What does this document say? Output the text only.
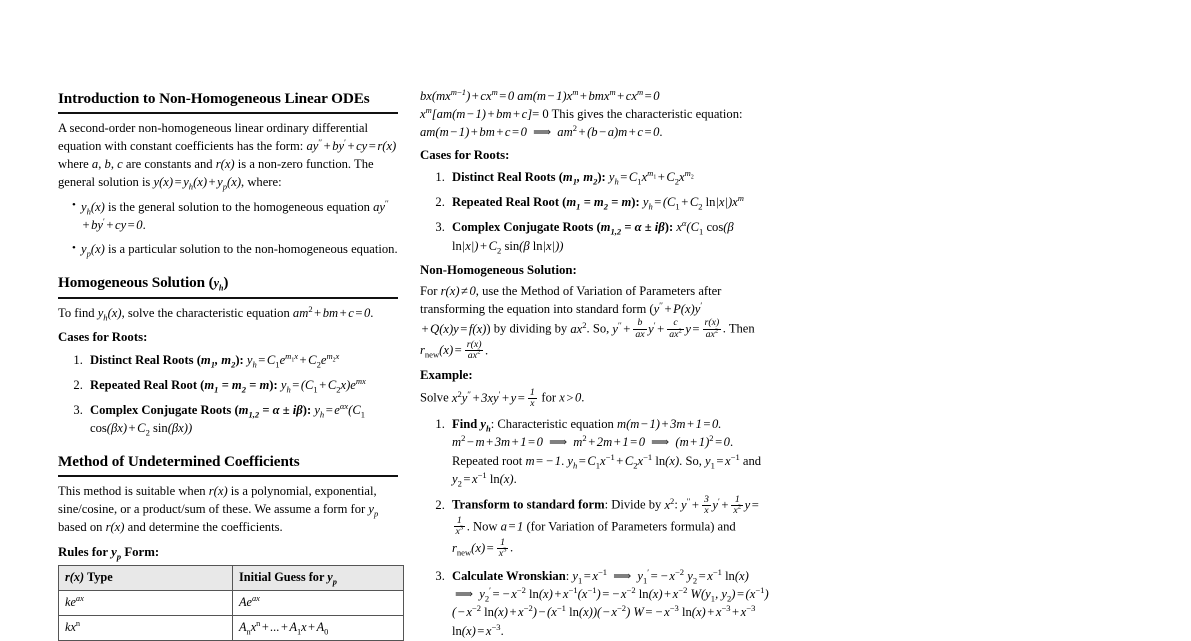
Introduction to Non-Homogeneous Linear ODEs

A second-order non-homogeneous linear ordinary differential equation with constant coefficients has the form: ay′′ + by′ + cy = r(x) where a, b, c are constants and r(x) is a non-zero function. The general solution is $y(x) = y_h(x) + y_p(x)$, where:

• $y_h(x)$ is the general solution to the homogeneous equation ay′′+ by′ + cy = 0.
• $y_p(x)$ is a particular solution to the non-homogeneous equation.
Homogeneous Solution $(y_h)$

To find $y_h(x)$, solve the characteristic equation $am^2$ + bm + c = 0.

Cases for Roots:
1. Distinct Real Roots ($m_1$, $m_2$): $y_h = C_1e^{m_1x} + C_2e^{m_2x}$
2. Repeated Real Root $(m_1 = m_2 = m)$: $y_h = (C_1 + C_2x)e^{mx}$
3. Complex Conjugate Roots $(m_{1,2} = \alpha \pm i\beta)$: $y_h = e^{\alpha x}(C_1$ $\cos(\beta x) + C_2$ sin(βx))
Method of Undetermined Coefficients

This method is suitable when r(x) is a polynomial, exponential, sine/cosine, or a product/sum of these. We assume a form for $y_p$ based on r(x) and determine the coefficients.

Rules for $y_p$ Form:
r(x) Type	Initial Guess for $y_p$
$ke^{ax}$	$Ae^{ax}$
$kx^n$	$A_nx^n$ + ... + $A_1x + A_0$

$bx(mx^{m-1}) + cx^m = 0$ $am(m - 1)x^m + bmx^m + cx^m = 0$ $x^m[am(m - 1)$ + bm + c]= 0 This gives the characteristic equation: am(m − 1) + bm + c = 0 ⟹ $am^2 + (b - a)m + c = 0$.

Cases for Roots:
1. Distinct Real Roots ($m_1$, $m_2$): $y_h = C_1x^{m_1} + C_2x^{m_2}$
2. Repeated Real Root $(m_1 = m_2 = m)$: $y_h = (C_1 + C_2$ $\ln|x|)x^m$
3. Complex Conjugate Roots $(m_{1,2} = \alpha \pm i\beta)$: $x^\alpha(C_1$ cos(β $\ln|x|) + C_2$ sin(β ln|x|))
Non-Homogeneous Solution:

For r(x) ≠ 0, use the Method of Variation of Parameters after transforming the equation into standard form (y′′ + P(x)y′+ Q(x)y = f(x)) by dividing by $ax^2$. So, $y'' + \frac{b}{ax} y' + \frac{c}{ax^2}$ $y = \frac{r(x)}{ax^2}$ . Then $r_{new}(x) = \frac{r(x)}{ax^2}$ .

Example:

Solve $x^2y'' + 3xy' + y = \frac{1}{x}$ for x > 0.

1. Find $y_h$: Characteristic equation m(m − 1) + 3m + 1 = 0. $m^2 - m + 3m + 1 = 0$ ⟹ $m^2 + 2m + 1 = 0$ ⟹ $(m + 1)^2 = 0$. Repeated root m = − 1. $y_h = C_1x^{-1} + C_2x^{-1}$ ln(x). So, $y_1 = x^{-1}$ and $y_2 = x^{-1}$ ln(x).
2. Transform to standard form: Divide by $x^2$: $y'' + \frac{3}{x} y' + \frac{1}{x^2}$ y =
$\frac{1}{x^3}$ . Now a = 1 (for Variation of Parameters formula) and $r_{new}(x) = \frac{1}{x^3}$ .
3. Calculate Wronskian: $y_1 = x^{-1}$ ⟹ $y_1'$ = − $x^{-2}$ $y_2 = x^{-1}$ ln(x) ⟹ $y_2'$ = − $x^{-2}$ $\ln(x) + x^{-1}(x^{-1})$ = − $x^{-2}$ $\ln(x) + x^{-2}$ $W(y_1$, $y_2) = (x^{-1})( - x^{-2}$ $\ln(x) + x^{-2}) - (x^{-1}$ $\ln(x))( - x^{-2})$ W = − $x^{-3}$ $\ln(x) + x^{-3} + x^{-3}$ $\ln(x) = x^{-3}$.
